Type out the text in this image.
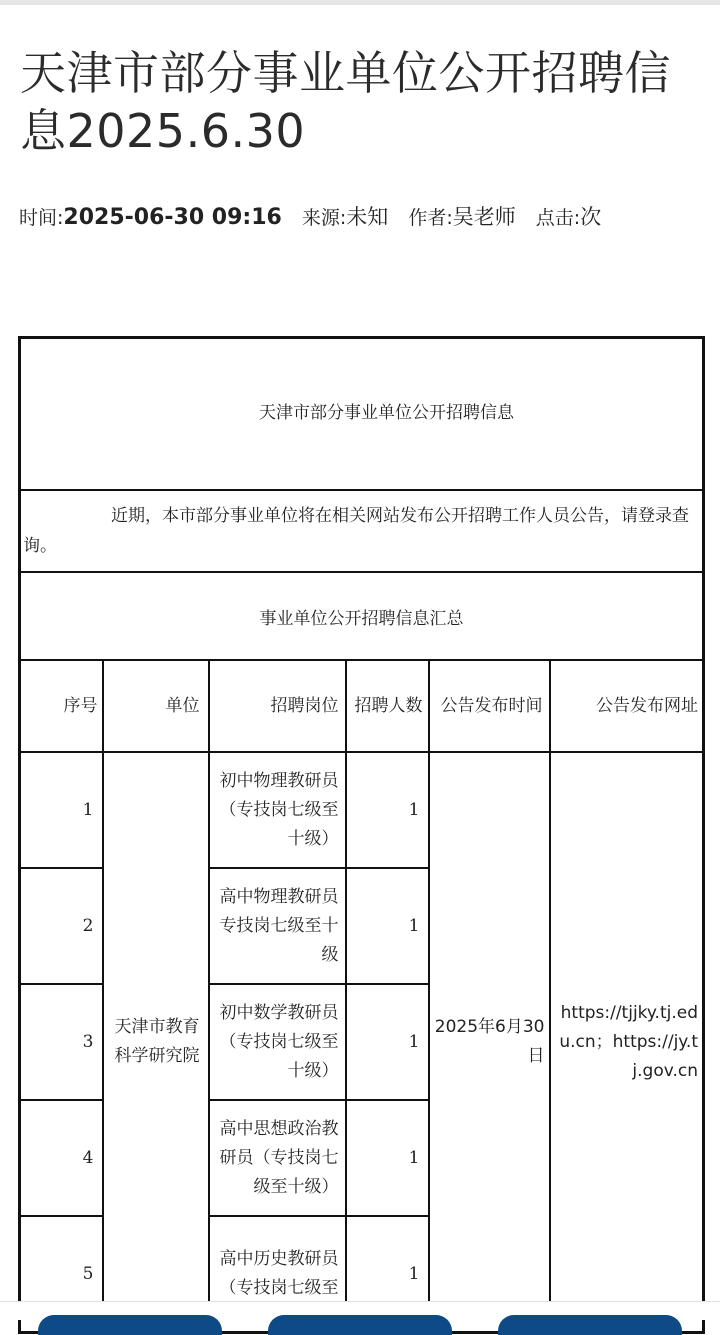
天津市部分事业单位公开招聘信息2025.6.30
时间:2025-06-30 09:16 来源:未知 作者:吴老师 点击:次
天津市部分事业单位公开招聘信息					
近期，本市部分事业单位将在相关网站发布公开招聘工作人员公告，请登录查询。					
事业单位公开招聘信息汇总					
序号	单位	招聘岗位	招聘人数	公告发布时间	公告发布网址
1	天津市教育科学研究院	初中物理教研员（专技岗七级至十级）	1	2025年6月30日	https://tjjky.tj.edu.cn；https://jy.tj.gov.cn
2		高中物理教研员专技岗七级至十级	1		
3		初中数学教研员（专技岗七级至十级）	1		
4		高中思想政治教研员（专技岗七级至十级）	1		
5		高中历史教研员（专技岗七级至	1		
